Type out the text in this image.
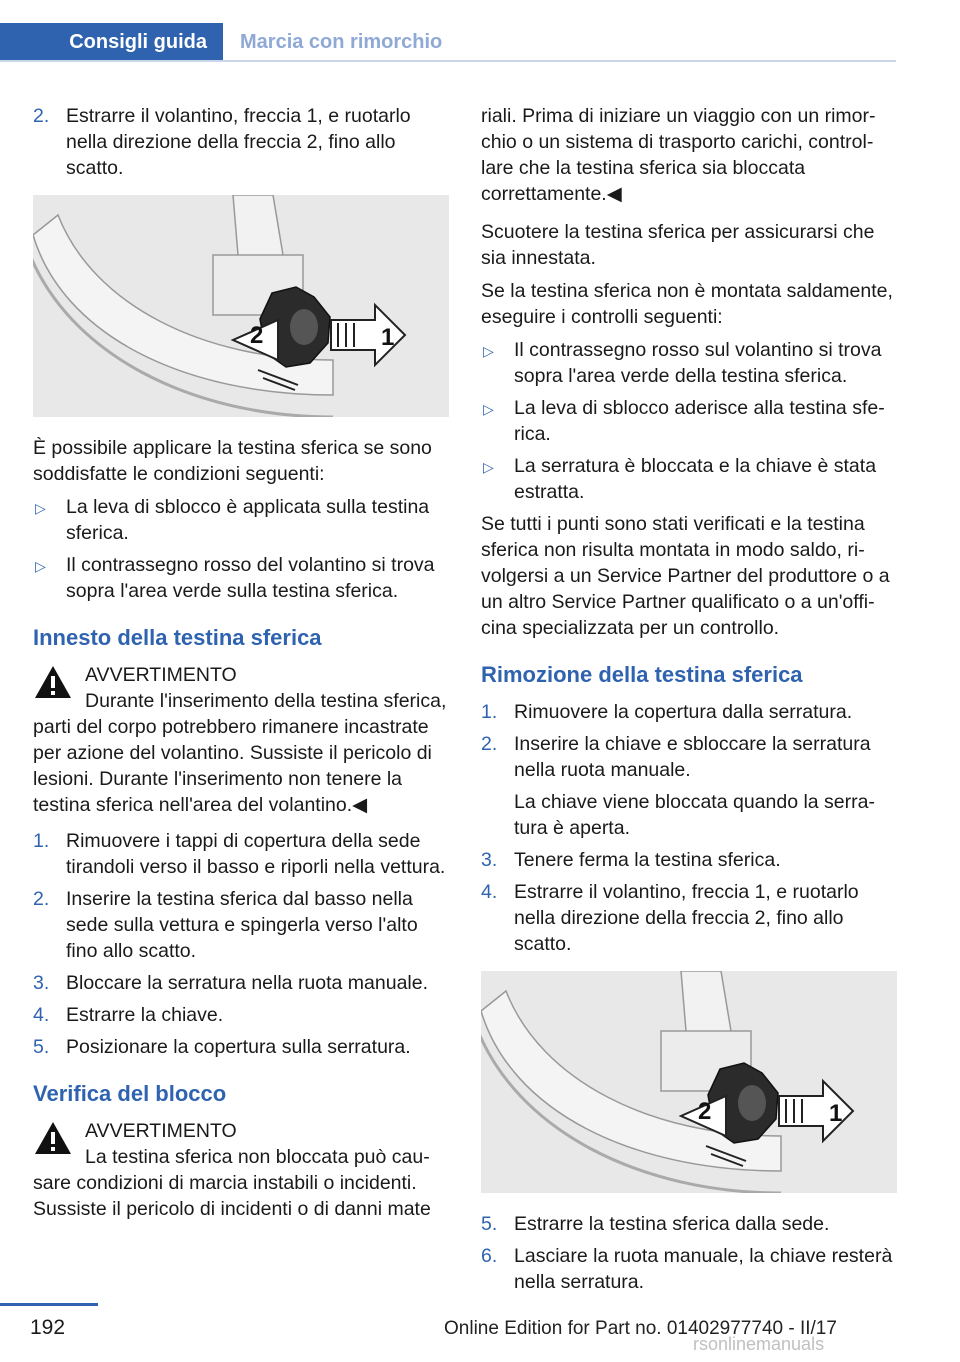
Consigli guida	Marcia con rimorchio
2. Estrarre il volantino, freccia 1, e ruotarlo nella direzione della freccia 2, fino allo scatto.
1
2

È possibile applicare la testina sferica se sono soddisfatte le condizioni seguenti:

▷ La leva di sblocco è applicata sulla testina sferica.
▷ Il contrassegno rosso del volantino si trova sopra l'area verde sulla testina sferica.
Innesto della testina sferica
AVVERTIMENTO
Durante l'inserimento della testina sferica, parti del corpo potrebbero rimanere incastrate per azione del volantino. Sussiste il pericolo di lesioni. Durante l'inserimento non tenere la testina sferica nell'area del volantino.◀
1. Rimuovere i tappi di copertura della sede tirandoli verso il basso e riporli nella vettura.
2. Inserire la testina sferica dal basso nella sede sulla vettura e spingerla verso l'alto fino allo scatto.
3. Bloccare la serratura nella ruota manuale.
4. Estrarre la chiave.
5. Posizionare la copertura sulla serratura.
Verifica del blocco
AVVERTIMENTO
La testina sferica non bloccata può causare condizioni di marcia instabili o incidenti. Sussiste il pericolo di incidenti o di danni mate

riali. Prima di iniziare un viaggio con un rimorchio o un sistema di trasporto carichi, controllare che la testina sferica sia bloccata correttamente.◀

Scuotere la testina sferica per assicurarsi che sia innestata.

Se la testina sferica non è montata saldamente, eseguire i controlli seguenti:

▷ Il contrassegno rosso sul volantino si trova sopra l'area verde della testina sferica.
▷ La leva di sblocco aderisce alla testina sferica.
▷ La serratura è bloccata e la chiave è stata estratta.

Se tutti i punti sono stati verificati e la testina sferica non risulta montata in modo saldo, rivolgersi a un Service Partner del produttore o a un altro Service Partner qualificato o a un'officina specializzata per un controllo.

Rimozione della testina sferica
1. Rimuovere la copertura dalla serratura.
2. Inserire la chiave e sbloccare la serratura nella ruota manuale.
La chiave viene bloccata quando la serratura è aperta.
3. Tenere ferma la testina sferica.
4. Estrarre il volantino, freccia 1, e ruotarlo nella direzione della freccia 2, fino allo scatto.
1
2
5. Estrarre la testina sferica dalla sede.
6. Lasciare la ruota manuale, la chiave resterà nella serratura.
192	Online Edition for Part no. 01402977740 - II/17
rsonlinemanuals
